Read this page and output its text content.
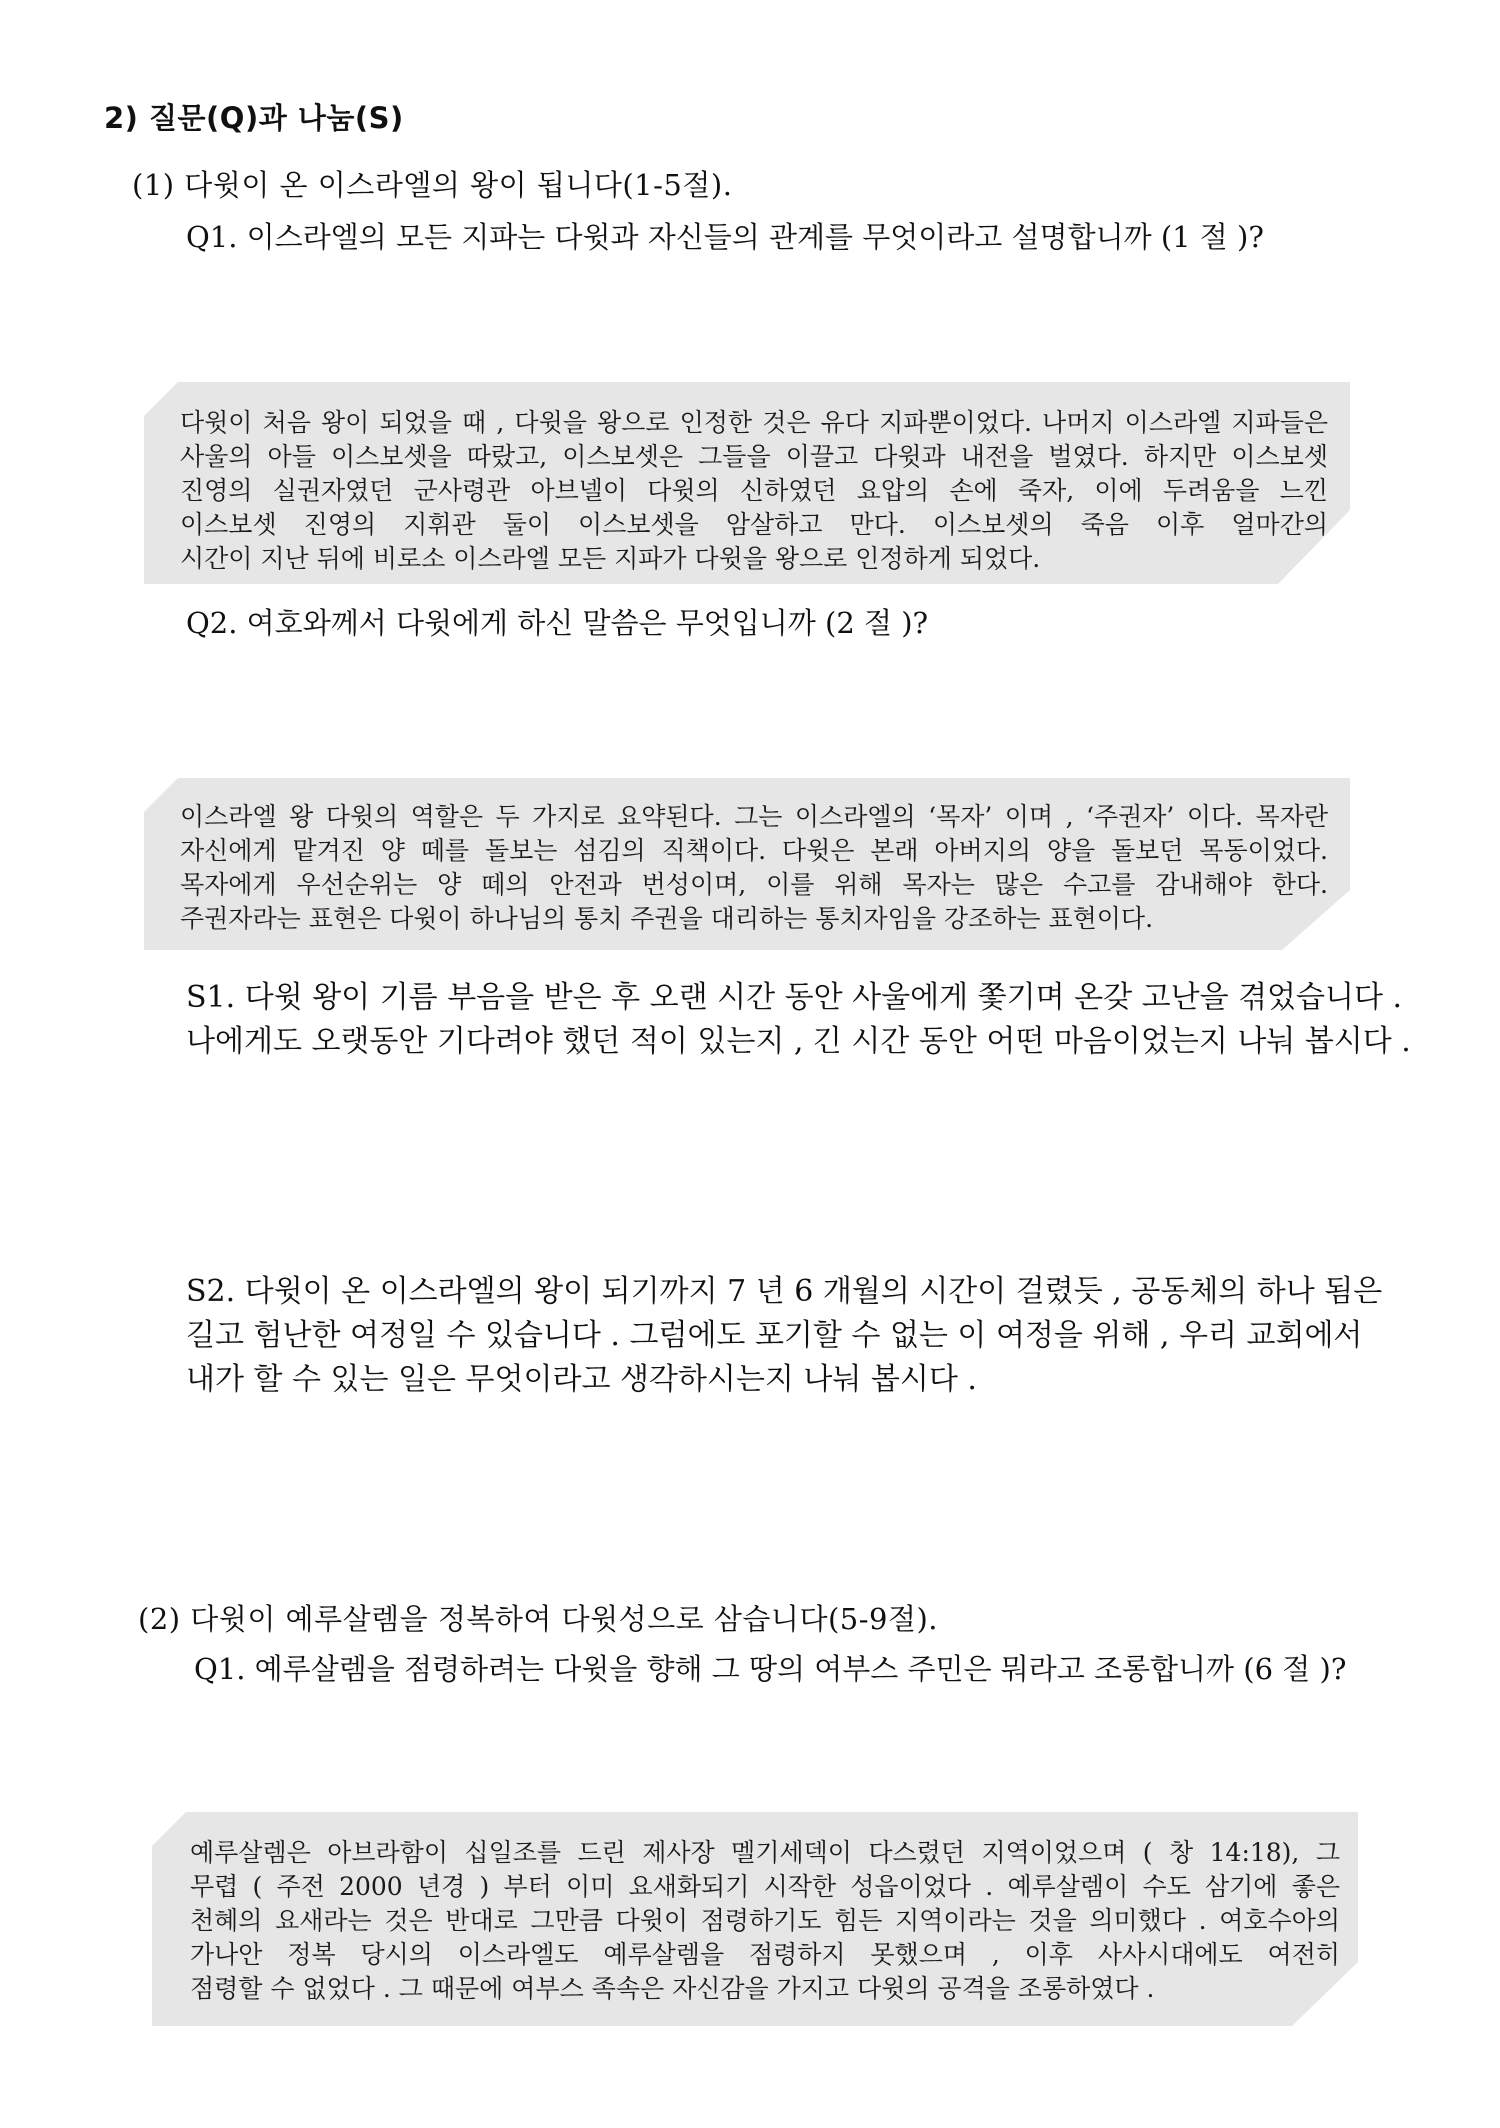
2) 질문(Q)과 나눔(S)
(1) 다윗이 온 이스라엘의 왕이 됩니다(1-5절).
Q1. 이스라엘의 모든 지파는 다윗과 자신들의 관계를 무엇이라고 설명합니까 (1 절 )?
다윗이 처음 왕이 되었을 때 , 다윗을 왕으로 인정한 것은 유다 지파뿐이었다. 나머지 이스라엘 지파들은
사울의 아들 이스보셋을 따랐고, 이스보셋은 그들을 이끌고 다윗과 내전을 벌였다. 하지만 이스보셋
진영의 실권자였던 군사령관 아브넬이 다윗의 신하였던 요압의 손에 죽자, 이에 두려움을 느낀
이스보셋 진영의 지휘관 둘이 이스보셋을 암살하고 만다. 이스보셋의 죽음 이후 얼마간의
시간이 지난 뒤에 비로소 이스라엘 모든 지파가 다윗을 왕으로 인정하게 되었다.
Q2. 여호와께서 다윗에게 하신 말씀은 무엇입니까 (2 절 )?
이스라엘 왕 다윗의 역할은 두 가지로 요약된다. 그는 이스라엘의 ‘목자’ 이며 , ‘주권자’ 이다. 목자란
자신에게 맡겨진 양 떼를 돌보는 섬김의 직책이다. 다윗은 본래 아버지의 양을 돌보던 목동이었다.
목자에게 우선순위는 양 떼의 안전과 번성이며, 이를 위해 목자는 많은 수고를 감내해야 한다.
주권자라는 표현은 다윗이 하나님의 통치 주권을 대리하는 통치자임을 강조하는 표현이다.
S1. 다윗 왕이 기름 부음을 받은 후 오랜 시간 동안 사울에게 쫓기며 온갖 고난을 겪었습니다 .
나에게도 오랫동안 기다려야 했던 적이 있는지 , 긴 시간 동안 어떤 마음이었는지 나눠 봅시다 .
S2. 다윗이 온 이스라엘의 왕이 되기까지 7 년 6 개월의 시간이 걸렸듯 , 공동체의 하나 됨은
길고 험난한 여정일 수 있습니다 . 그럼에도 포기할 수 없는 이 여정을 위해 , 우리 교회에서
내가 할 수 있는 일은 무엇이라고 생각하시는지 나눠 봅시다 .
(2) 다윗이 예루살렘을 정복하여 다윗성으로 삼습니다(5-9절).
Q1. 예루살렘을 점령하려는 다윗을 향해 그 땅의 여부스 주민은 뭐라고 조롱합니까 (6 절 )?
예루살렘은 아브라함이 십일조를 드린 제사장 멜기세덱이 다스렸던 지역이었으며 ( 창 14:18), 그
무렵 ( 주전 2000 년경 ) 부터 이미 요새화되기 시작한 성읍이었다 . 예루살렘이 수도 삼기에 좋은
천혜의 요새라는 것은 반대로 그만큼 다윗이 점령하기도 힘든 지역이라는 것을 의미했다 . 여호수아의
가나안 정복 당시의 이스라엘도 예루살렘을 점령하지 못했으며 , 이후 사사시대에도 여전히
점령할 수 없었다 . 그 때문에 여부스 족속은 자신감을 가지고 다윗의 공격을 조롱하였다 .
